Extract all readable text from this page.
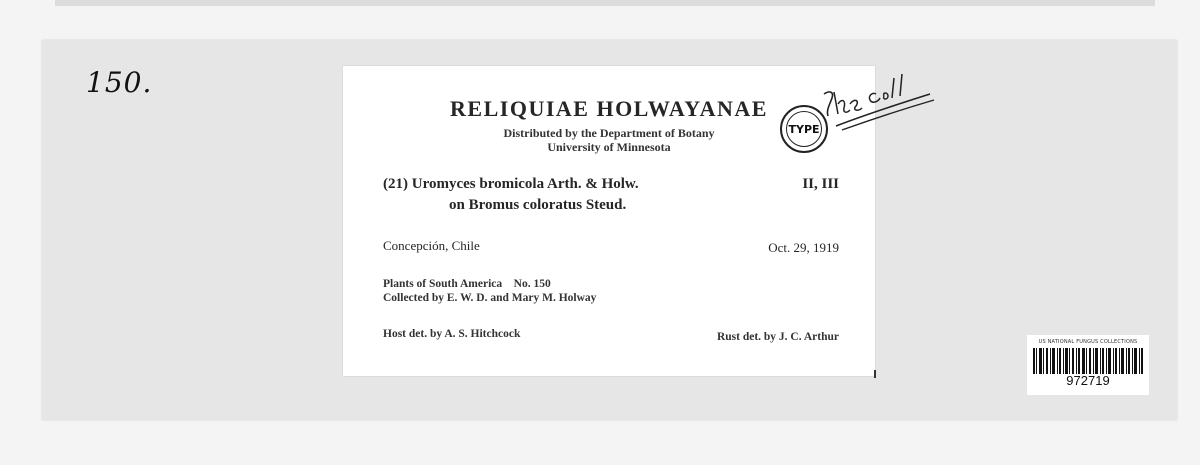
150.
RELIQUIAE HOLWAYANAE
Distributed by the Department of Botany
University of Minnesota
(21) Uromyces bromicola Arth. & Holw.
on Bromus coloratus Steud.
II, III
Concepción, Chile	Oct. 29, 1919
Plants of South America    No. 150
Collected by E. W. D. and Mary M. Holway
Host det. by A. S. Hitchcock	Rust det. by J. C. Arthur
TYPE
US NATIONAL FUNGUS COLLECTIONS
972719
